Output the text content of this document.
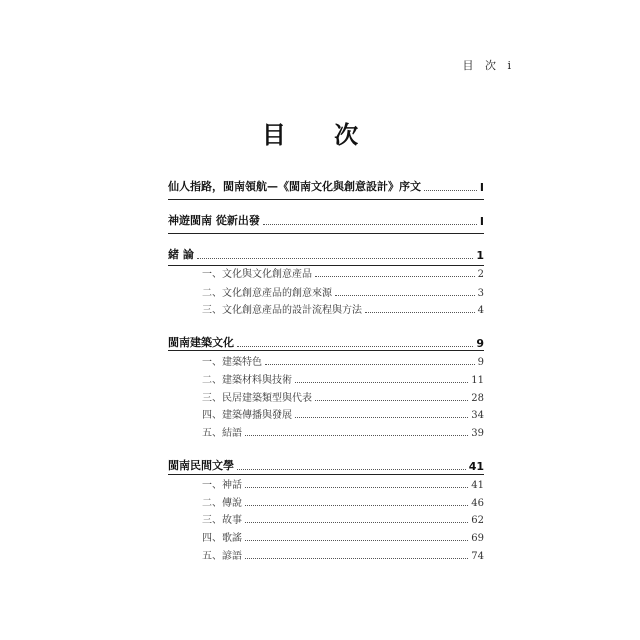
目 次 i
目 次
仙人指路，閩南領航—《閩南文化與創意設計》序文	I
神遊閩南 從新出發	I
緒 論	1
一、文化與文化創意產品	2
二、文化創意產品的創意來源	3
三、文化創意產品的設計流程與方法	4
閩南建築文化	9
一、建築特色	9
二、建築材料與技術	11
三、民居建築類型與代表	28
四、建築傳播與發展	34
五、結語	39
閩南民間文學	41
一、神話	41
二、傳說	46
三、故事	62
四、歌謠	69
五、諺語	74
